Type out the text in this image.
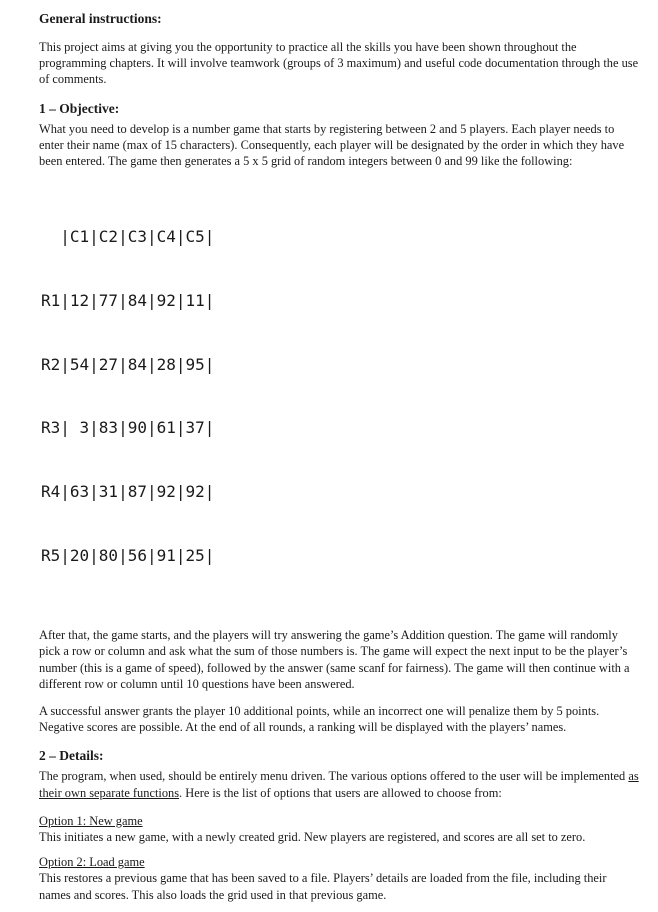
General instructions:

This project aims at giving you the opportunity to practice all the skills you have been shown throughout the programming chapters. It will involve teamwork (groups of 3 maximum) and useful code documentation through the use of comments.

1 – Objective:

What you need to develop is a number game that starts by registering between 2 and 5 players. Each player needs to enter their name (max of 15 characters). Consequently, each player will be designated by the order in which they have been entered. The game then generates a 5 x 5 grid of random integers between 0 and 99 like the following:

|C1|C2|C3|C4|C5|

R1|12|77|84|92|11|

R2|54|27|84|28|95|

R3| 3|83|90|61|37|

R4|63|31|87|92|92|

R5|20|80|56|91|25|

After that, the game starts, and the players will try answering the game’s Addition question. The game will randomly pick a row or column and ask what the sum of those numbers is. The game will expect the next input to be the player’s number (this is a game of speed), followed by the answer (same scanf for fairness). The game will then continue with a different row or column until 10 questions have been answered.

A successful answer grants the player 10 additional points, while an incorrect one will penalize them by 5 points. Negative scores are possible. At the end of all rounds, a ranking will be displayed with the players’ names.

2 – Details:

The program, when used, should be entirely menu driven. The various options offered to the user will be implemented as their own separate functions. Here is the list of options that users are allowed to choose from:

Option 1: New game

This initiates a new game, with a newly created grid. New players are registered, and scores are all set to zero.

Option 2: Load game

This restores a previous game that has been saved to a file. Players’ details are loaded from the file, including their names and scores. This also loads the grid used in that previous game.
